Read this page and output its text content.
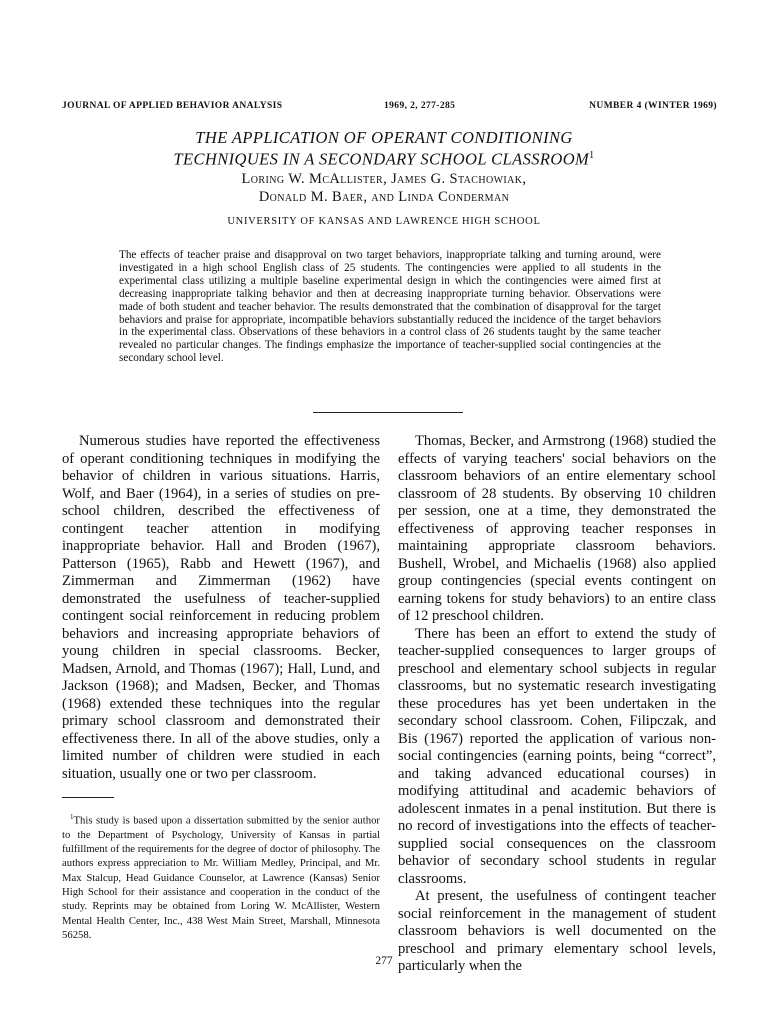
JOURNAL OF APPLIED BEHAVIOR ANALYSIS	1969, 2, 277-285	NUMBER 4 (WINTER 1969)
THE APPLICATION OF OPERANT CONDITIONING
TECHNIQUES IN A SECONDARY SCHOOL CLASSROOM$^1$
Loring W. McAllister, James G. Stachowiak,
Donald M. Baer, and Linda Conderman
UNIVERSITY OF KANSAS AND LAWRENCE HIGH SCHOOL

The effects of teacher praise and disapproval on two target behaviors, inappropriate talking and turning around, were investigated in a high school English class of 25 students. The contingencies were applied to all students in the experimental class utilizing a multiple baseline experimental design in which the contingencies were aimed first at decreasing inappropriate talking behavior and then at decreasing inappropriate turning behavior. Observations were made of both student and teacher behavior. The results demonstrated that the combination of disapproval for the target behaviors and praise for appropriate, incompatible behaviors substantially reduced the incidence of the target behaviors in the experimental class. Observations of these behaviors in a control class of 26 students taught by the same teacher revealed no particular changes. The findings emphasize the importance of teacher-supplied social contingencies at the secondary school level.

Numerous studies have reported the effectiveness of operant conditioning techniques in modifying the behavior of children in various situations. Harris, Wolf, and Baer (1964), in a series of studies on pre-school children, described the effectiveness of contingent teacher attention in modifying inappropriate behavior. Hall and Broden (1967), Patterson (1965), Rabb and Hewett (1967), and Zimmerman and Zimmerman (1962) have demonstrated the usefulness of teacher-supplied contingent social reinforcement in reducing problem behaviors and increasing appropriate behaviors of young children in special classrooms. Becker, Madsen, Arnold, and Thomas (1967); Hall, Lund, and Jackson (1968); and Madsen, Becker, and Thomas (1968) extended these techniques into the regular primary school classroom and demonstrated their effectiveness there. In all of the above studies, only a limited number of children were studied in each situation, usually one or two per classroom.

$^1$This study is based upon a dissertation submitted by the senior author to the Department of Psychology, University of Kansas in partial fulfillment of the requirements for the degree of doctor of philosophy. The authors express appreciation to Mr. William Medley, Principal, and Mr. Max Stalcup, Head Guidance Counselor, at Lawrence (Kansas) Senior High School for their assistance and cooperation in the conduct of the study. Reprints may be obtained from Loring W. McAllister, Western Mental Health Center, Inc., 438 West Main Street, Marshall, Minnesota 56258.

Thomas, Becker, and Armstrong (1968) studied the effects of varying teachers' social behaviors on the classroom behaviors of an entire elementary school classroom of 28 students. By observing 10 children per session, one at a time, they demonstrated the effectiveness of approving teacher responses in maintaining appropriate classroom behaviors. Bushell, Wrobel, and Michaelis (1968) also applied group contingencies (special events contingent on earning tokens for study behaviors) to an entire class of 12 preschool children.

There has been an effort to extend the study of teacher-supplied consequences to larger groups of preschool and elementary school subjects in regular classrooms, but no systematic research investigating these procedures has yet been undertaken in the secondary school classroom. Cohen, Filipczak, and Bis (1967) reported the application of various non-social contingencies (earning points, being “correct”, and taking advanced educational courses) in modifying attitudinal and academic behaviors of adolescent inmates in a penal institution. But there is no record of investigations into the effects of teacher-supplied social consequences on the classroom behavior of secondary school students in regular classrooms.

At present, the usefulness of contingent teacher social reinforcement in the management of student classroom behaviors is well documented on the preschool and primary elementary school levels, particularly when the

277
